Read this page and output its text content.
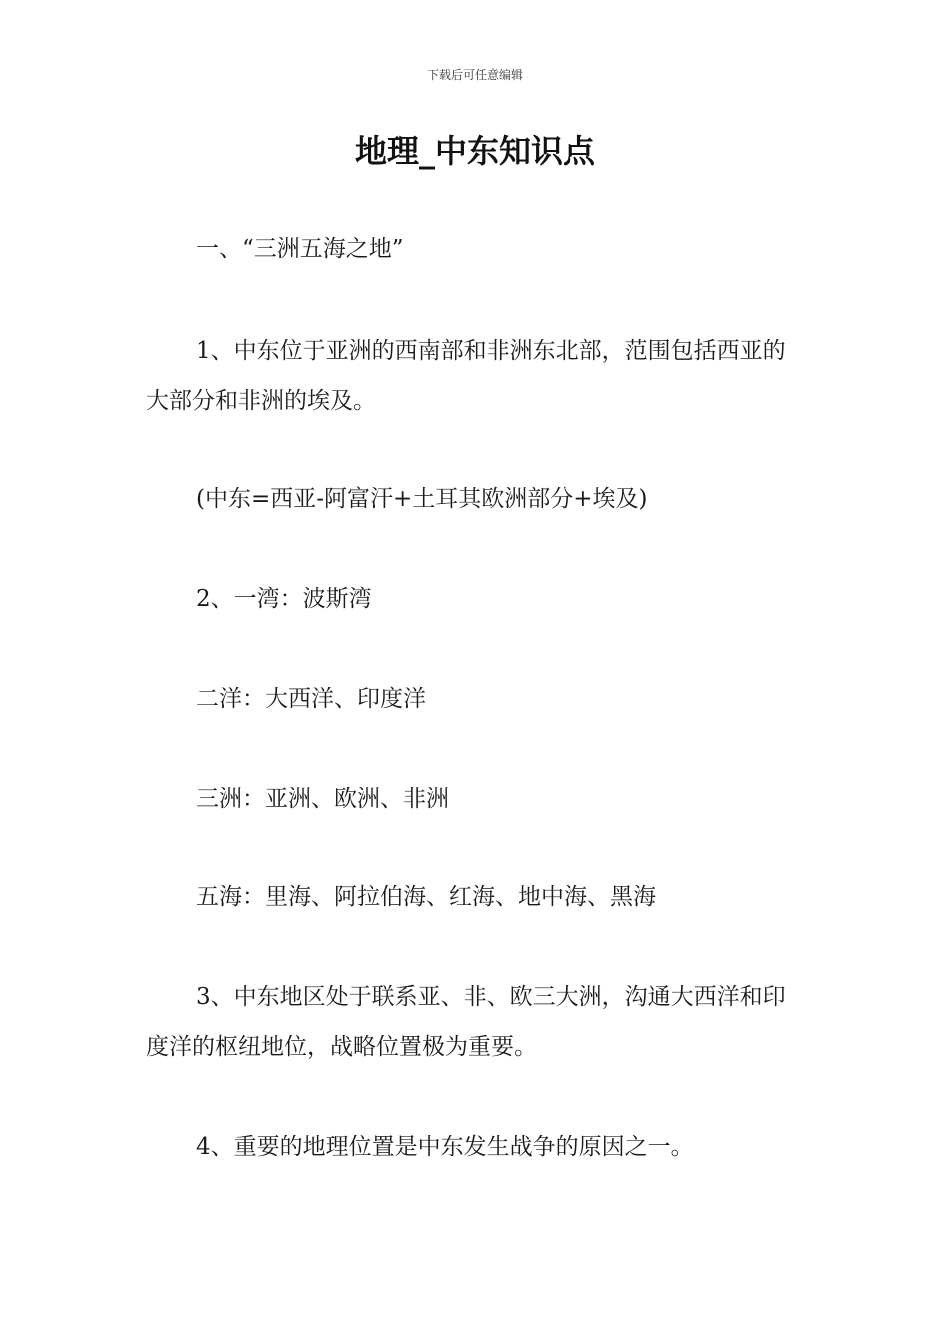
下载后可任意编辑
地理_中东知识点

一、“三洲五海之地”

1、中东位于亚洲的西南部和非洲东北部，范围包括西亚的大部分和非洲的埃及。

(中东=西亚-阿富汗+土耳其欧洲部分+埃及)

2、一湾：波斯湾

二洋：大西洋、印度洋

三洲：亚洲、欧洲、非洲

五海：里海、阿拉伯海、红海、地中海、黑海

3、中东地区处于联系亚、非、欧三大洲，沟通大西洋和印度洋的枢纽地位，战略位置极为重要。

4、重要的地理位置是中东发生战争的原因之一。
